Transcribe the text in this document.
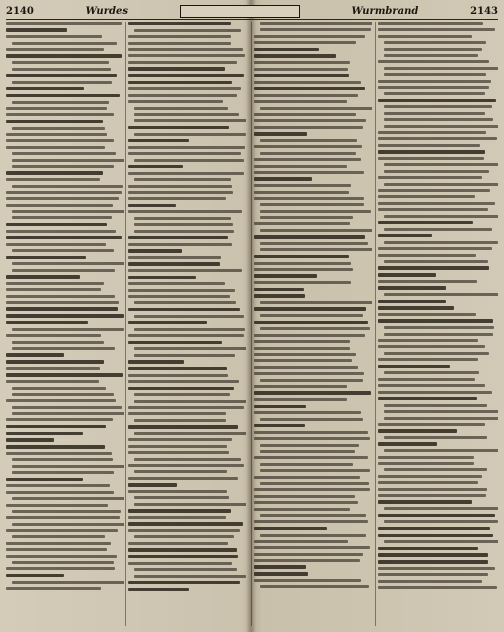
2140	Wurdes
	Wurmbrand	2143
